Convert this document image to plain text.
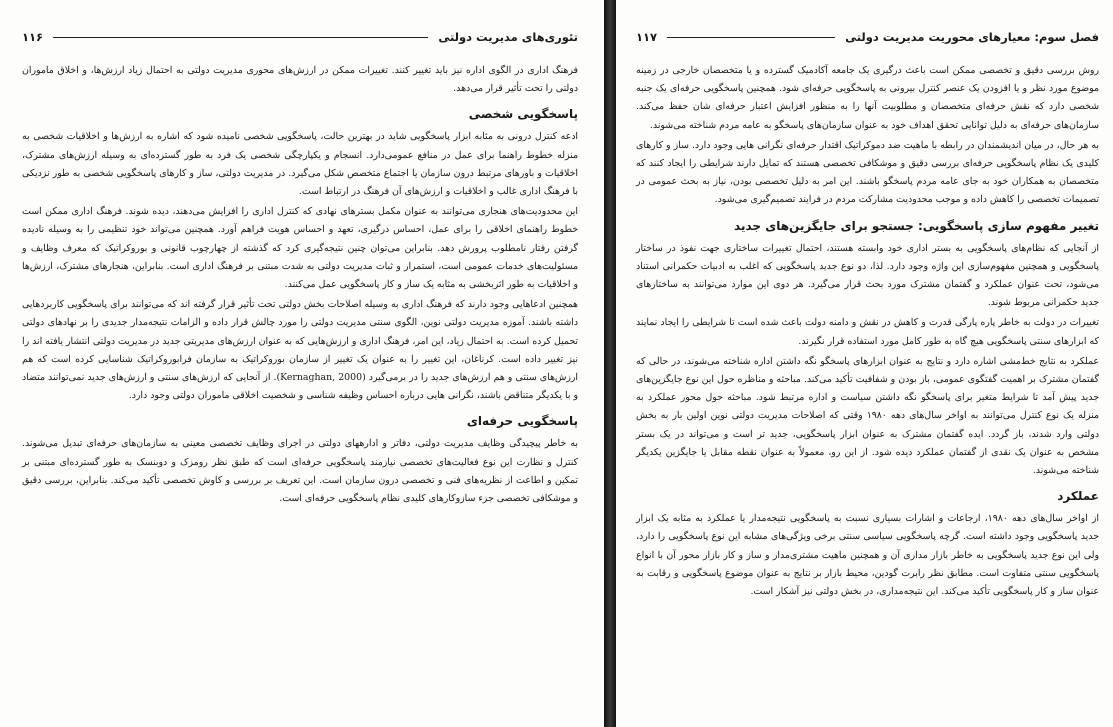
تئوری‌های مدیریت دولتی
۱۱۶

فرهنگ اداری در الگوی اداره نیز باید تغییر کنند. تغییرات ممکن در ارزش‌های محوری مدیریت دولتی به احتمال زیاد ارزش‌ها، و اخلاق ماموران دولتی را تحت تأثیر قرار می‌دهد.

پاسخگویی شخصی

ادعه کنترل درونی به مثابه ابزار پاسخگویی شاید در بهترین حالت، پاسخگویی شخصی نامیده شود که اشاره به ارزش‌ها و اخلاقیات شخصی به منزله خطوط راهنما برای عمل در منافع عمومی‌دارد. انسجام و یکپارچگی شخصی یک فرد به طور گسترده‌ای به وسیله ارزش‌های مشترک، اخلاقیات و باورهای مرتبط درون سازمان یا اجتماع متخصص شکل می‌گیرد. در مدیریت دولتی، ساز و کارهای پاسخگویی شخصی به طور نزدیکی با فرهنگ اداری غالب و اخلاقیات و ارزش‌های آن فرهنگ در ارتباط است.

این محدودیت‌های هنجاری می‌توانند به عنوان مکمل بسترهای نهادی که کنترل اداری را افزایش می‌دهند، دیده شوند. فرهنگ اداری ممکن است خطوط راهنمای اخلاقی را برای عمل، احساس درگیری، تعهد و احساس هویت فراهم آورد. همچنین می‌تواند خود تنظیمی را به وسیله نادیده گرفتن رفتار نامطلوب پرورش دهد. بنابراین می‌توان چنین نتیجه‌گیری کرد که گذشته از چهارچوب قانونی و بوروکراتیک که معرف وظایف و مسئولیت‌های خدمات عمومی است، استمرار و ثبات مدیریت دولتی به شدت مبتنی بر فرهنگ اداری است. بنابراین، هنجارهای مشترک، ارزش‌ها و اخلاقیات به طور اثربخشی به مثابه یک ساز و کار پاسخگویی عمل می‌کنند.

همچنین ادعاهایی وجود دارند که فرهنگ اداری به وسیله اصلاحات بخش دولتی تحت تأثیر قرار گرفته اند که می‌توانند برای پاسخگویی کاربردهایی داشته باشند. آموزه مدیریت دولتی نوین، الگوی سنتی مدیریت دولتی را مورد چالش قرار داده و الزامات نتیجه‌مدار جدیدی را بر نهادهای دولتی تحمیل کرده است. به احتمال زیاد، این امر، فرهنگ اداری و ارزش‌هایی که به عنوان ارزش‌های مدیریتی جدید در مدیریت دولتی انتشار یافته اند را نیز تغییر داده است. کرناغان، این تغییر را به عنوان یک تغییر از سازمان بوروکراتیک به سازمان فرابوروکراتیک شناسایی کرده است که هم ارزش‌های سنتی و هم ارزش‌های جدید را در برمی‌گیرد (Kernaghan, 2000). از آنجایی که ارزش‌های سنتی و ارزش‌های جدید نمی‌توانند متضاد و با یکدیگر متناقض باشند، نگرانی هایی درباره احساس وظیفه شناسی و شخصیت اخلاقی ماموران دولتی وجود دارد.

پاسخگویی حرفه‌ای

به خاطر پیچیدگی وظایف مدیریت دولتی، دفاتر و ادارههای دولتی در اجرای وظایف تخصصی معینی به سازمان‌های حرفه‌ای تبدیل می‌شوند. کنترل و نظارت این نوع فعالیت‌های تخصصی نیازمند پاسخگویی حرفه‌ای است که طبق نظر رومزک و دوبنسک به طور گسترده‌ای مبتنی بر تمکین و اطاعت از نظریه‌های فنی و تخصصی درون سازمان است. این تعریف بر بررسی و کاوش تخصصی تأکید می‌کند. بنابراین، بررسی دقیق و موشکافی تخصصی جزء سازوکارهای کلیدی نظام پاسخگویی حرفه‌ای است.

فصل سوم: معیارهای محوریت مدیریت دولتی
۱۱۷

روش بررسی دقیق و تخصصی ممکن است باعث درگیری یک جامعه آکادمیک گسترده و یا متخصصان خارجی در زمینه موضوع مورد نظر و یا افزودن یک عنصر کنترل بیرونی به پاسخگویی حرفه‌ای شود. همچنین پاسخگویی حرفه‌ای یک جنبه شخصی دارد که نقش حرفه‌ای متخصصان و مطلوبیت آنها را به منظور افزایش اعتبار حرفه‌ای شان حفظ می‌کند. سازمان‌های حرفه‌ای به دلیل توانایی تحقق اهداف خود به عنوان سازمان‌های پاسخگو به عامه مردم شناخته می‌شوند.

به هر حال، در میان اندیشمندان در رابطه با ماهیت ضد دموکراتیک اقتدار حرفه‌ای نگرانی هایی وجود دارد. ساز و کارهای کلیدی یک نظام پاسخگویی حرفه‌ای بررسی دقیق و موشکافی تخصصی هستند که تمایل دارند شرایطی را ایجاد کنند که متخصصان به همکاران خود به جای عامه مردم پاسخگو باشند. این امر به دلیل تخصصی بودن، نیاز به بحث عمومی در تصمیمات تخصصی را کاهش داده و موجب محدودیت مشارکت مردم در فرایند تصمیم‌گیری می‌شود.

تغییر مفهوم سازی پاسخگویی: جستجو برای جایگزین‌های جدید

از آنجایی که نظام‌های پاسخگویی به بستر اداری خود وابسته هستند، احتمال تغییرات ساختاری جهت نفوذ در ساختار پاسخگویی و همچنین مفهوم‌سازی این واژه وجود دارد. لذا، دو نوع جدید پاسخگویی که اغلب به ادبیات حکمرانی استناد می‌شود، تحت عنوان عملکرد و گفتمان مشترک مورد بحث قرار می‌گیرد. هر دوی این موارد می‌توانند به ساختارهای جدید حکمرانی مربوط شوند.

تغییرات در دولت به خاطر پاره پارگی قدرت و کاهش در نقش و دامنه دولت باعث شده است تا شرایطی را ایجاد نمایند که ابزارهای سنتی پاسخگویی هیچ گاه به طور کامل مورد استفاده قرار نگیرند.

عملکرد به نتایج خط‌مشی اشاره دارد و نتایج به عنوان ابزارهای پاسخگو نگه داشتن اداره شناخته می‌شوند، در حالی که گفتمان مشترک بر اهمیت گفتگوی عمومی، باز بودن و شفافیت تأکید می‌کند. مباحثه و مناظره حول این نوع جایگزین‌های جدید پیش آمد تا شرایط متغیر برای پاسخگو نگه داشتن سیاست و اداره مرتبط شود. مباحثه حول محور عملکرد به منزله یک نوع کنترل می‌توانند به اواخر سال‌های دهه ۱۹۸۰ وقتی که اصلاحات مدیریت دولتی نوین اولین بار به بخش دولتی وارد شدند، باز گردد. ایده گفتمان مشترک به عنوان ابزار پاسخگویی، جدید تر است و می‌تواند در یک بستر مشخص به عنوان یک نقدی از گفتمان عملکرد دیده شود. از این رو، معمولاً به عنوان نقطه مقابل یا جایگزین یکدیگر شناخته می‌شوند.

عملکرد

از اواخر سال‌های دهه ۱۹۸۰، ارجاعات و اشارات بسیاری نسبت به پاسخگویی نتیجه‌مدار یا عملکرد به مثابه یک ابزار جدید پاسخگویی وجود داشته است. گرچه پاسخگویی سیاسی سنتی برخی ویژگی‌های مشابه این نوع پاسخگویی را دارد، ولی این نوع جدید پاسخگویی به خاطر بازار مداری آن و همچنین ماهیت مشتری‌مدار و ساز و کار بازار محور آن با انواع پاسخگویی سنتی متفاوت است. مطابق نظر رابرت گودین، محیط بازار بر نتایج به عنوان موضوع پاسخگویی و رقابت به عنوان ساز و کار پاسخگویی تأکید می‌کند. این نتیجه‌مداری، در بخش دولتی نیز آشکار است.
